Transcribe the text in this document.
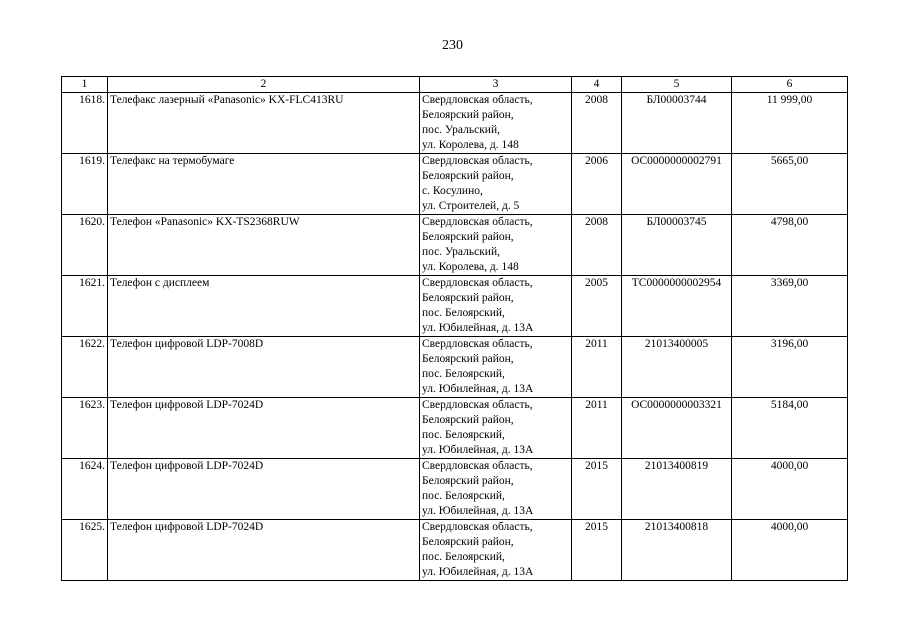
230
1	2	3	4	5	6
1618.	Телефакс лазерный «Panasonic» KX-FLC413RU	Свердловская область,
Белоярский район,
пос. Уральский,
ул. Королева, д. 148	2008	БЛ00003744	11 999,00
1619.	Телефакс на термобумаге	Свердловская область,
Белоярский район,
с. Косулино,
ул. Строителей, д. 5	2006	ОС0000000002791	5665,00
1620.	Телефон «Panasonic» KX-TS2368RUW	Свердловская область,
Белоярский район,
пос. Уральский,
ул. Королева, д. 148	2008	БЛ00003745	4798,00
1621.	Телефон с дисплеем	Свердловская область,
Белоярский район,
пос. Белоярский,
ул. Юбилейная, д. 13А	2005	ТС0000000002954	3369,00
1622.	Телефон цифровой LDP-7008D	Свердловская область,
Белоярский район,
пос. Белоярский,
ул. Юбилейная, д. 13А	2011	21013400005	3196,00
1623.	Телефон цифровой LDP-7024D	Свердловская область,
Белоярский район,
пос. Белоярский,
ул. Юбилейная, д. 13А	2011	ОС0000000003321	5184,00
1624.	Телефон цифровой LDP-7024D	Свердловская область,
Белоярский район,
пос. Белоярский,
ул. Юбилейная, д. 13А	2015	21013400819	4000,00
1625.	Телефон цифровой LDP-7024D	Свердловская область,
Белоярский район,
пос. Белоярский,
ул. Юбилейная, д. 13А	2015	21013400818	4000,00
